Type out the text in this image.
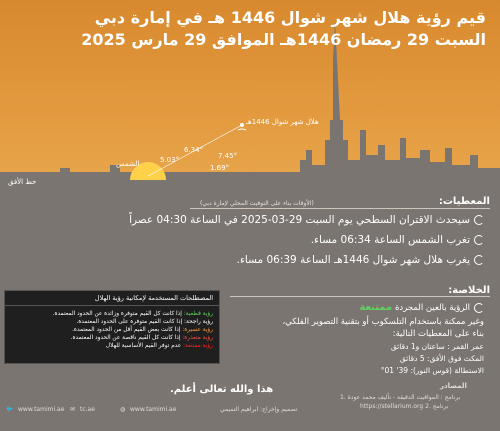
قيم رؤية هلال شهر شوال 1446 هـ في إمارة دبي
السبت 29 رمضان 1446هـ الموافق 29 مارس 2025
خط الأفق
الشمس
هلال شهر شوال 1446هـ
6.34°
7.45°
5.03°
1.69°
المعطيات:
(الأوقات بناء على التوقيت المحلي لإمارة دبي)
سيحدث الاقتران السطحي يوم السبت 29-03-2025 في الساعة 04:30 عصراً
تغرب الشمس الساعة 06:34 مساء.
يغرب هلال شهر شوال 1446هـ الساعة 06:39 مساء.
الخلاصة:
المصطلحات المستخدمة لإمكانية رؤية الهلال
رؤية قطعية: إذا كانت كل القيم متوفرة وزائدة عن الحدود المعتمدة.
رؤية راجحة: إذا كانت القيم متوفرة على الحدود المعتمدة.
رؤية عسيرة: إذا كانت بعض القيم أقل من الحدود المعتمدة.
رؤية متعذرة: إذا كانت كل القيم ناقصة عن الحدود المعتمدة.
رؤية ممتنعة: عدم توفر القيم الأساسية للهلال
الرؤية بالعين المجردة ممتنعة
وغير ممكنة باستخدام التلسكوب أو بتقنية التصوير الفلكي،
بناء على المعطيات التالية:
عمر القمر : ساعتان و1 دقائق
المكث فوق الأفق: 5 دقائق
الاستطالة (قوس النور): 39' 01°
هذا والله تعالى أعلم.	المصادر
1. برنامج : المواقيت الدقيقة - تأليف محمد عودة
https://stellarium.org برنامج .2
🐦 www.tamimi.ae ✉ tc.ae	◍ www.tamimi.ae	تصميم وإخراج: ابراهيم التميمي
